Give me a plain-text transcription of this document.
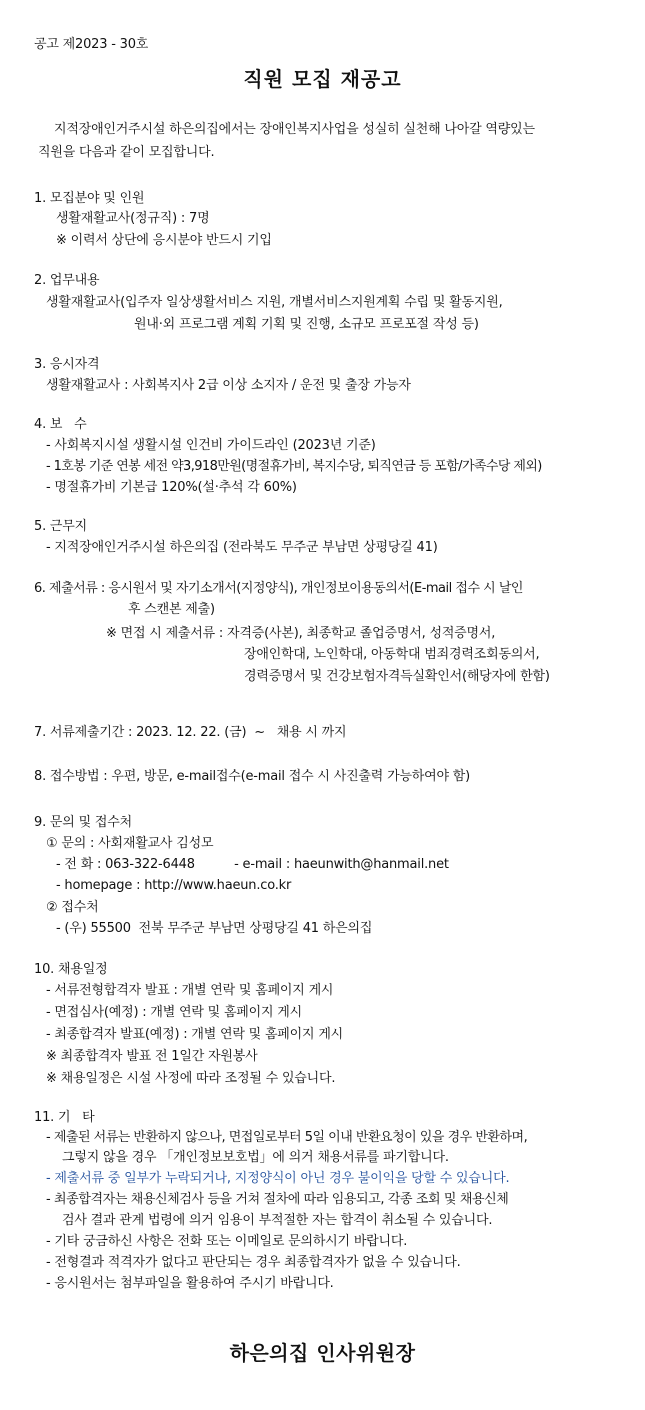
공고 제2023 - 30호
직원 모집 재공고
지적장애인거주시설 하은의집에서는 장애인복지사업을 성실히 실천해 나아갈 역량있는
직원을 다음과 같이 모집합니다.
1. 모집분야 및 인원
생활재활교사(정규직) : 7명
※ 이력서 상단에 응시분야 반드시 기입
2. 업무내용
생활재활교사(입주자 일상생활서비스 지원, 개별서비스지원계획 수립 및 활동지원,
원내·외 프로그램 계획 기획 및 진행, 소규모 프로포절 작성 등)
3. 응시자격
생활재활교사 : 사회복지사 2급 이상 소지자 / 운전 및 출장 가능자
4. 보   수
- 사회복지시설 생활시설 인건비 가이드라인 (2023년 기준)
- 1호봉 기준 연봉 세전 약3,918만원(명절휴가비, 복지수당, 퇴직연금 등 포함/가족수당 제외)
- 명절휴가비 기본급 120%(설·추석 각 60%)
5. 근무지
- 지적장애인거주시설 하은의집 (전라북도 무주군 부남면 상평당길 41)
6. 제출서류 : 응시원서 및 자기소개서(지정양식), 개인정보이용동의서(E-mail 접수 시 날인
후 스캔본 제출)
※ 면접 시 제출서류 : 자격증(사본), 최종학교 졸업증명서, 성적증명서,
장애인학대, 노인학대, 아동학대 범죄경력조회동의서,
경력증명서 및 건강보험자격득실확인서(해당자에 한함)
7. 서류제출기간 : 2023. 12. 22. (금)  ~   채용 시 까지
8. 접수방법 : 우편, 방문, e-mail접수(e-mail 접수 시 사진출력 가능하여야 함)
9. 문의 및 접수처
① 문의 : 사회재활교사 김성모
- 전 화 : 063-322-6448          - e-mail : haeunwith@hanmail.net
- homepage : http://www.haeun.co.kr
② 접수처
- (우) 55500  전북 무주군 부남면 상평당길 41 하은의집
10. 채용일정
- 서류전형합격자 발표 : 개별 연락 및 홈페이지 게시
- 면접심사(예정) : 개별 연락 및 홈페이지 게시
- 최종합격자 발표(예정) : 개별 연락 및 홈페이지 게시
※ 최종합격자 발표 전 1일간 자원봉사
※ 채용일정은 시설 사정에 따라 조정될 수 있습니다.
11. 기   타
- 제출된 서류는 반환하지 않으나, 면접일로부터 5일 이내 반환요청이 있을 경우 반환하며,
그렇지 않을 경우 「개인정보보호법」에 의거 채용서류를 파기합니다.
- 제출서류 중 일부가 누락되거나, 지정양식이 아닌 경우 불이익을 당할 수 있습니다.
- 최종합격자는 채용신체검사 등을 거쳐 절차에 따라 임용되고, 각종 조회 및 채용신체
검사 결과 관계 법령에 의거 임용이 부적절한 자는 합격이 취소될 수 있습니다.
- 기타 궁금하신 사항은 전화 또는 이메일로 문의하시기 바랍니다.
- 전형결과 적격자가 없다고 판단되는 경우 최종합격자가 없을 수 있습니다.
- 응시원서는 첨부파일을 활용하여 주시기 바랍니다.
하은의집 인사위원장
